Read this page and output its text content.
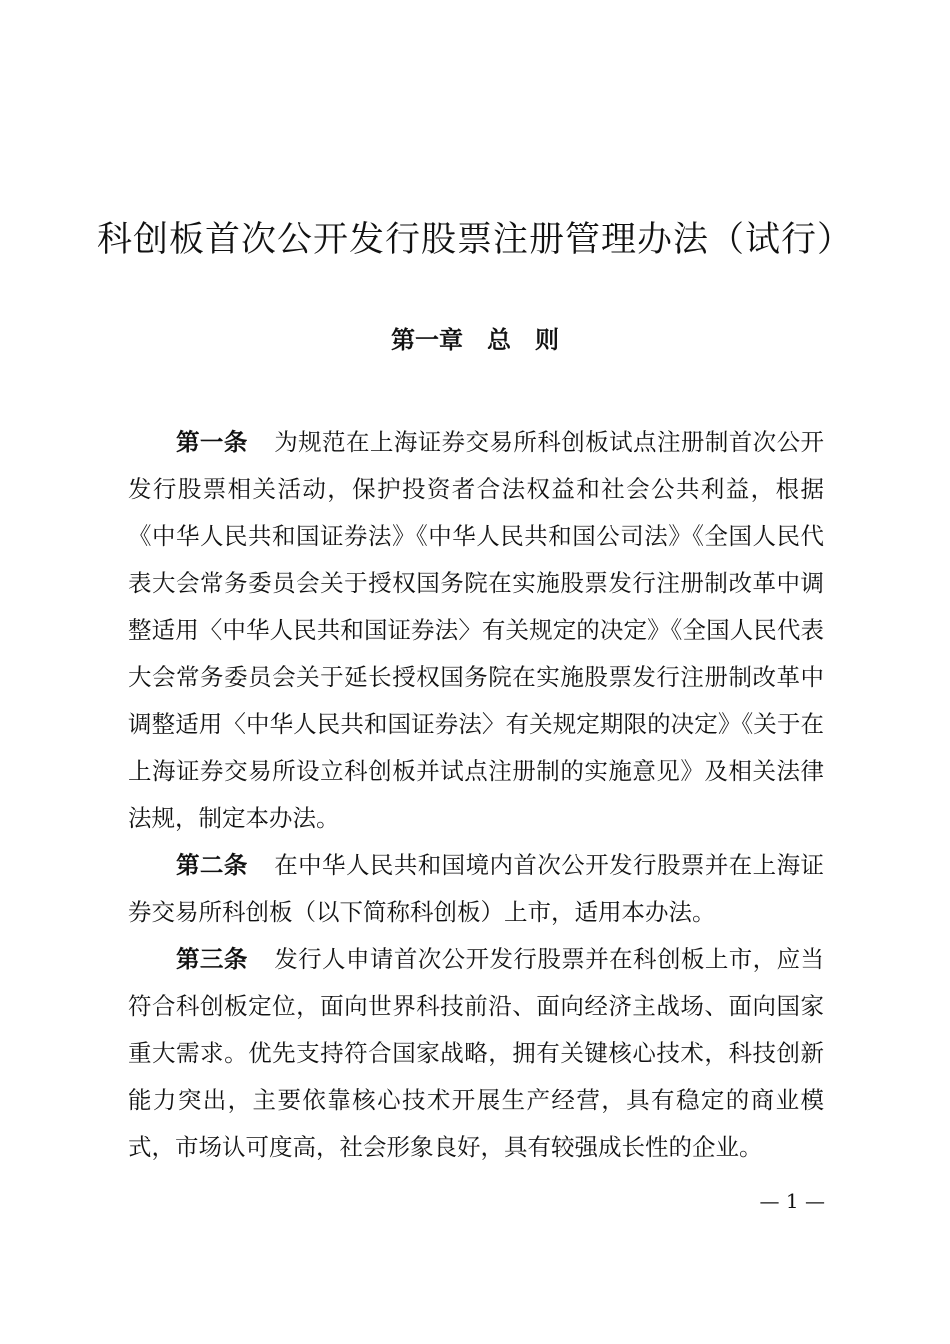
科创板首次公开发行股票注册管理办法（试行）
第一章 总　则

第一条 为规范在上海证券交易所科创板试点注册制首次公开发行股票相关活动，保护投资者合法权益和社会公共利益，根据《中华人民共和国证券法》《中华人民共和国公司法》《全国人民代表大会常务委员会关于授权国务院在实施股票发行注册制改革中调整适用〈中华人民共和国证券法〉有关规定的决定》《全国人民代表大会常务委员会关于延长授权国务院在实施股票发行注册制改革中调整适用〈中华人民共和国证券法〉有关规定期限的决定》《关于在上海证券交易所设立科创板并试点注册制的实施意见》及相关法律法规，制定本办法。

第二条 在中华人民共和国境内首次公开发行股票并在上海证券交易所科创板（以下简称科创板）上市，适用本办法。

第三条 发行人申请首次公开发行股票并在科创板上市，应当符合科创板定位，面向世界科技前沿、面向经济主战场、面向国家重大需求。优先支持符合国家战略，拥有关键核心技术，科技创新能力突出，主要依靠核心技术开展生产经营，具有稳定的商业模式，市场认可度高，社会形象良好，具有较强成长性的企业。

— 1 —
